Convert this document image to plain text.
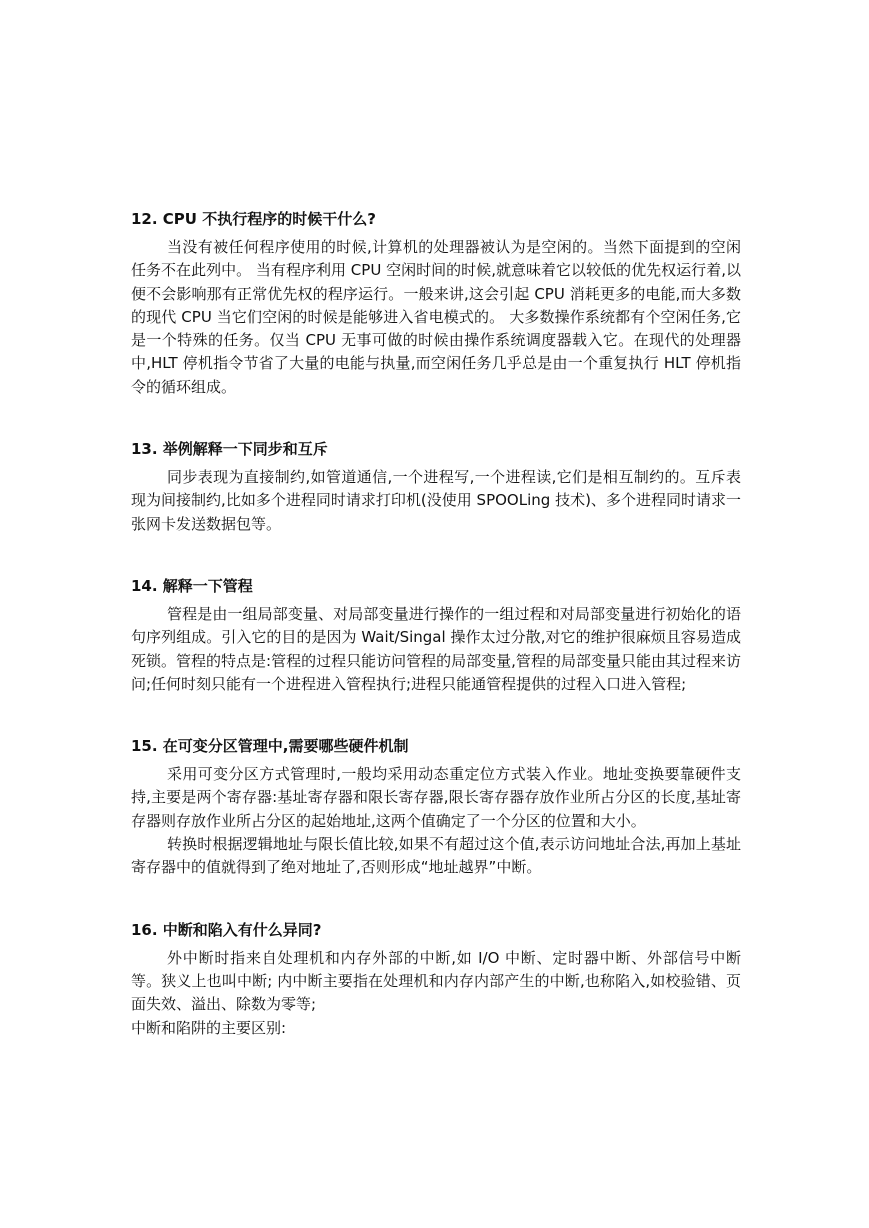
12. CPU 不执行程序的时候干什么?

当没有被任何程序使用的时候,计算机的处理器被认为是空闲的。当然下面提到的空闲任务不在此列中。 当有程序利用 CPU 空闲时间的时候,就意味着它以较低的优先权运行着,以便不会影响那有正常优先权的程序运行。一般来讲,这会引起 CPU 消耗更多的电能,而大多数的现代 CPU 当它们空闲的时候是能够进入省电模式的。 大多数操作系统都有个空闲任务,它是一个特殊的任务。仅当 CPU 无事可做的时候由操作系统调度器载入它。在现代的处理器中,HLT 停机指令节省了大量的电能与执量,而空闲任务几乎总是由一个重复执行 HLT 停机指令的循环组成。

13. 举例解释一下同步和互斥

同步表现为直接制约,如管道通信,一个进程写,一个进程读,它们是相互制约的。互斥表现为间接制约,比如多个进程同时请求打印机(没使用 SPOOLing 技术)、多个进程同时请求一张网卡发送数据包等。

14. 解释一下管程

管程是由一组局部变量、对局部变量进行操作的一组过程和对局部变量进行初始化的语句序列组成。引入它的目的是因为 Wait/Singal 操作太过分散,对它的维护很麻烦且容易造成死锁。管程的特点是:管程的过程只能访问管程的局部变量,管程的局部变量只能由其过程来访问;任何时刻只能有一个进程进入管程执行;进程只能通管程提供的过程入口进入管程;

15. 在可变分区管理中,需要哪些硬件机制

采用可变分区方式管理时,一般均采用动态重定位方式装入作业。地址变换要靠硬件支持,主要是两个寄存器:基址寄存器和限长寄存器,限长寄存器存放作业所占分区的长度,基址寄存器则存放作业所占分区的起始地址,这两个值确定了一个分区的位置和大小。

转换时根据逻辑地址与限长值比较,如果不有超过这个值,表示访问地址合法,再加上基址寄存器中的值就得到了绝对地址了,否则形成“地址越界”中断。

16. 中断和陷入有什么异同?

外中断时指来自处理机和内存外部的中断,如 I/O 中断、定时器中断、外部信号中断等。狭义上也叫中断; 内中断主要指在处理机和内存内部产生的中断,也称陷入,如校验错、页面失效、溢出、除数为零等;

中断和陷阱的主要区别:
